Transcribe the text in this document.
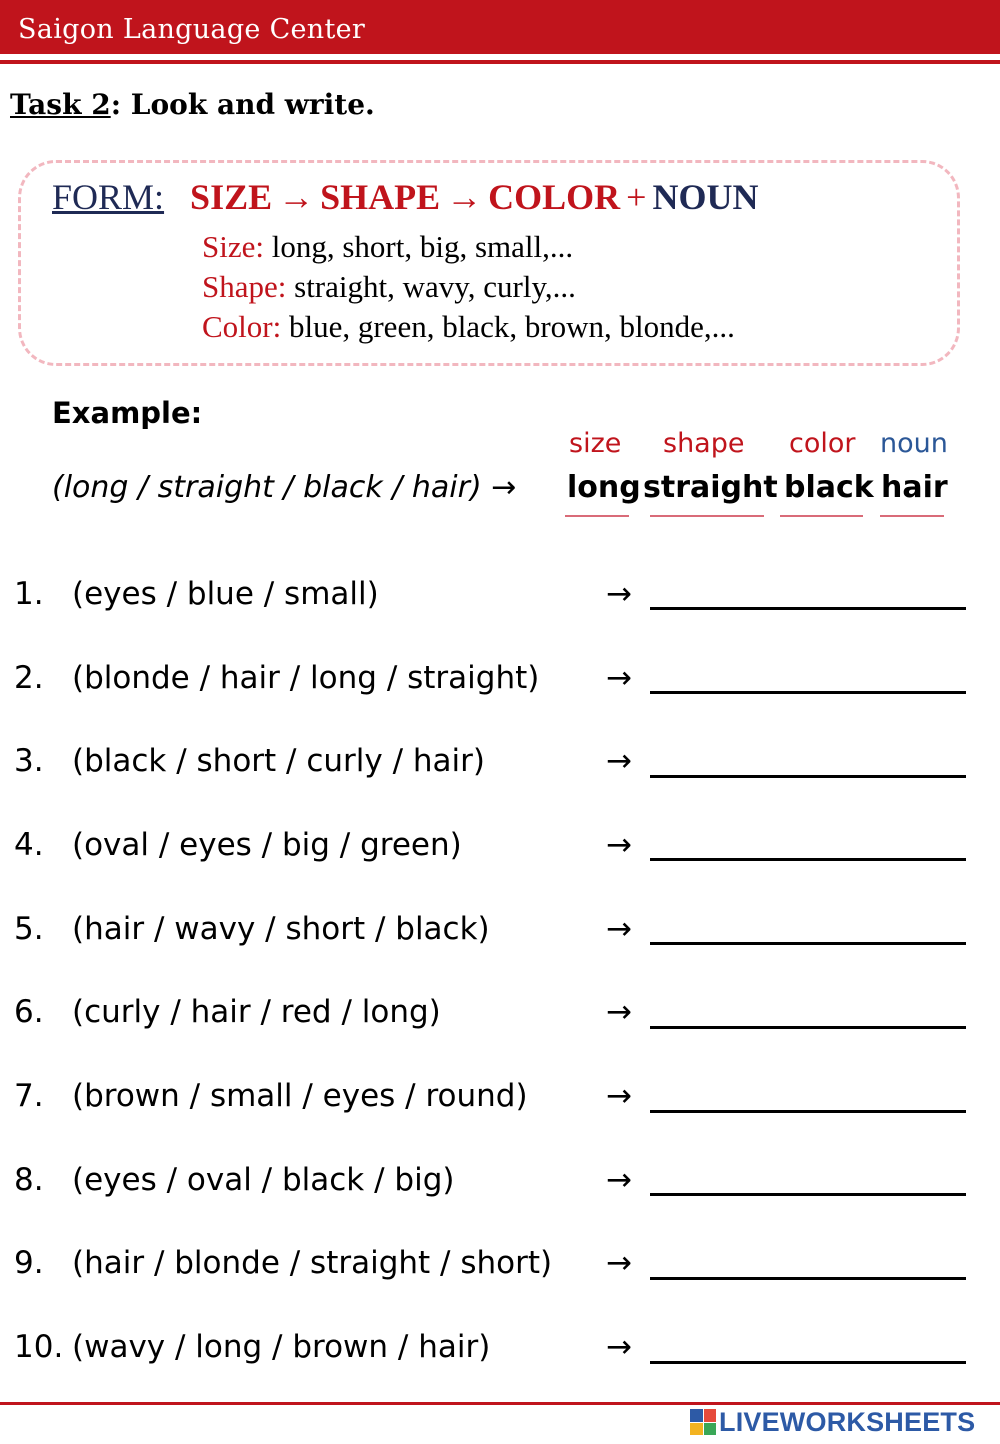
Saigon Language Center
Task 2: Look and write.
FORM: SIZE → SHAPE → COLOR + NOUN
Size: long, short, big, small,...
Shape: straight, wavy, curly,...
Color: blue, green, black, brown, blonde,...
Example:
size shape color noun
(long / straight / black / hair) → long straight black hair
1. (eyes / blue / small)	→
2. (blonde / hair / long / straight) →
3. (black / short / curly / hair)	→
4. (oval / eyes / big / green)	→
5. (hair / wavy / short / black)	→
6. (curly / hair / red / long)	→
7. (brown / small / eyes / round)	→
8. (eyes / oval / black / big)	→
9. (hair / blonde / straight / short) →
10. (wavy / long / brown / hair)	→
LIVEWORKSHEETS
